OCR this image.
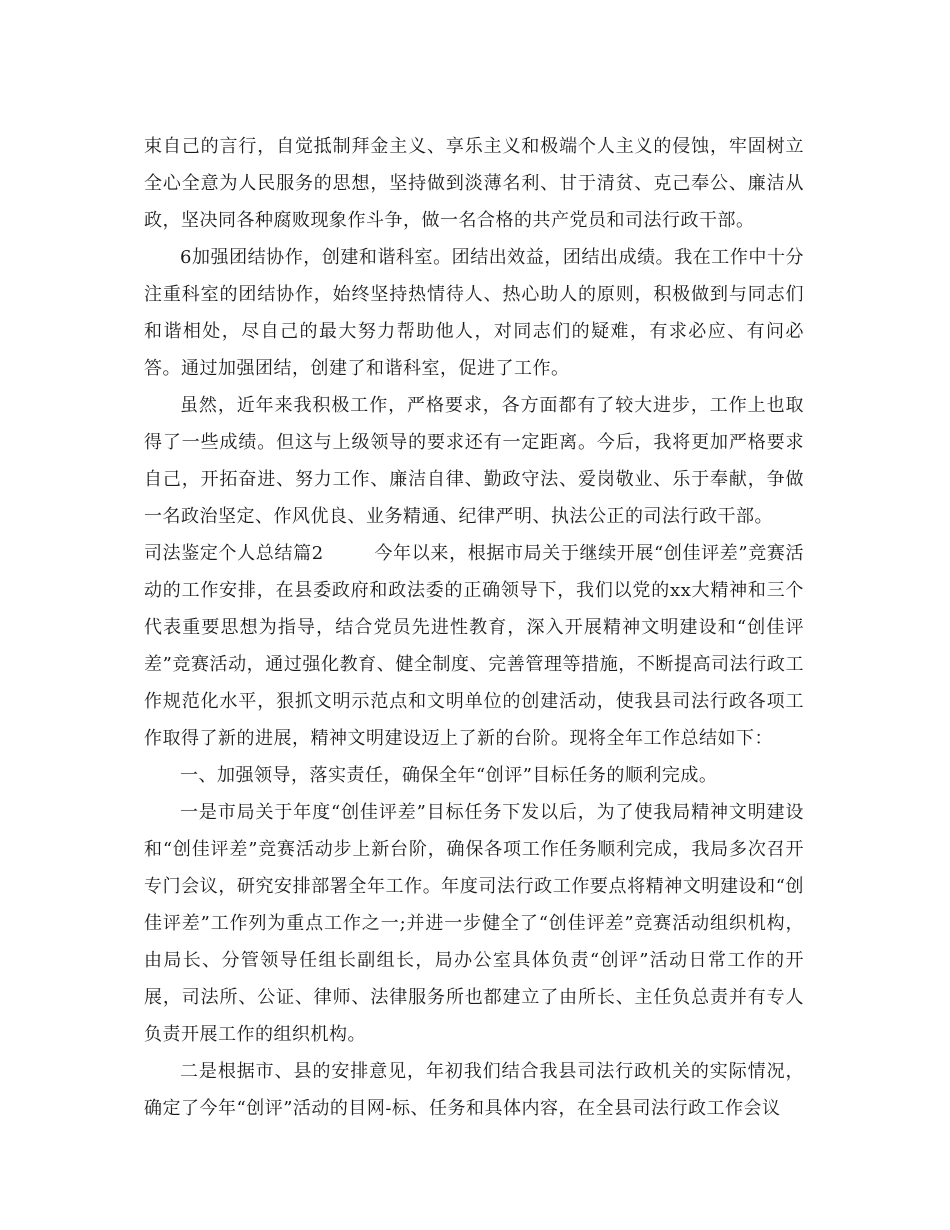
束自己的言行，自觉抵制拜金主义、享乐主义和极端个人主义的侵蚀，牢固树立全心全意为人民服务的思想，坚持做到淡薄名利、甘于清贫、克己奉公、廉洁从政，坚决同各种腐败现象作斗争，做一名合格的共产党员和司法行政干部。

6加强团结协作，创建和谐科室。团结出效益，团结出成绩。我在工作中十分注重科室的团结协作，始终坚持热情待人、热心助人的原则，积极做到与同志们和谐相处，尽自己的最大努力帮助他人，对同志们的疑难，有求必应、有问必答。通过加强团结，创建了和谐科室，促进了工作。

虽然，近年来我积极工作，严格要求，各方面都有了较大进步，工作上也取得了一些成绩。但这与上级领导的要求还有一定距离。今后，我将更加严格要求自己，开拓奋进、努力工作、廉洁自律、勤政守法、爱岗敬业、乐于奉献，争做一名政治坚定、作风优良、业务精通、纪律严明、执法公正的司法行政干部。

司法鉴定个人总结篇2	今年以来，根据市局关于继续开展“创佳评差”竞赛活动的工作安排，在县委政府和政法委的正确领导下，我们以党的xx大精神和三个代表重要思想为指导，结合党员先进性教育，深入开展精神文明建设和“创佳评差”竞赛活动，通过强化教育、健全制度、完善管理等措施，不断提高司法行政工作规范化水平，狠抓文明示范点和文明单位的创建活动，使我县司法行政各项工作取得了新的进展，精神文明建设迈上了新的台阶。现将全年工作总结如下：

一、加强领导，落实责任，确保全年“创评”目标任务的顺利完成。

一是市局关于年度“创佳评差”目标任务下发以后，为了使我局精神文明建设和“创佳评差”竞赛活动步上新台阶，确保各项工作任务顺利完成，我局多次召开专门会议，研究安排部署全年工作。年度司法行政工作要点将精神文明建设和“创佳评差”工作列为重点工作之一;并进一步健全了“创佳评差”竞赛活动组织机构，由局长、分管领导任组长副组长，局办公室具体负责“创评”活动日常工作的开展，司法所、公证、律师、法律服务所也都建立了由所长、主任负总责并有专人负责开展工作的组织机构。

二是根据市、县的安排意见，年初我们结合我县司法行政机关的实际情况，确定了今年“创评”活动的目网-标、任务和具体内容，在全县司法行政工作会议
